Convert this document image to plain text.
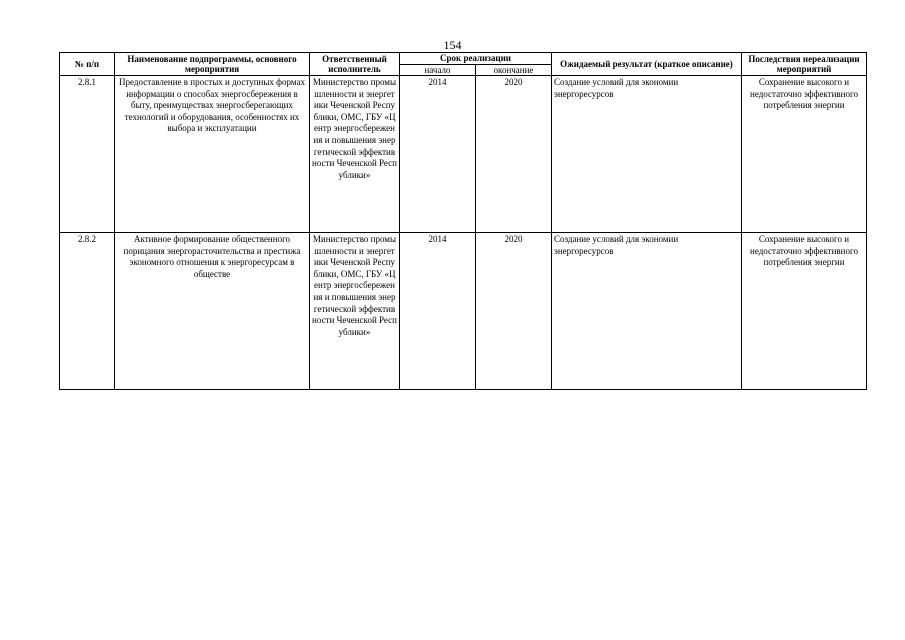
154
№ п/п	Наименование подпрограммы, основного мероприятия	Ответственный исполнитель	Срок реализации		Ожидаемый результат (краткое описание)	Последствия нереализации мероприятий
			начало	окончание		
2.8.1	Предоставление в простых и доступных формах информации о способах энергосбережения в быту, преимуществах энергосберегающих технологий и оборудования, особенностях их выбора и эксплуатации	Министерство промышленности и энергетики Чеченской Республики, ОМС, ГБУ «Центр энергосбережения и повышения энергетической эффективности Чеченской Республики»	2014	2020	Создание условий для экономии энергоресурсов	Сохранение высокого и недостаточно эффективного потребления энергии
2.8.2	Активное формирование общественного порицания энергорасточительства и престижа экономного отношения к энергоресурсам в обществе	Министерство промышленности и энергетики Чеченской Республики, ОМС, ГБУ «Центр энергосбережения и повышения энергетической эффективности Чеченской Республики»	2014	2020	Создание условий для экономии энергоресурсов	Сохранение высокого и недостаточно эффективного потребления энергии
